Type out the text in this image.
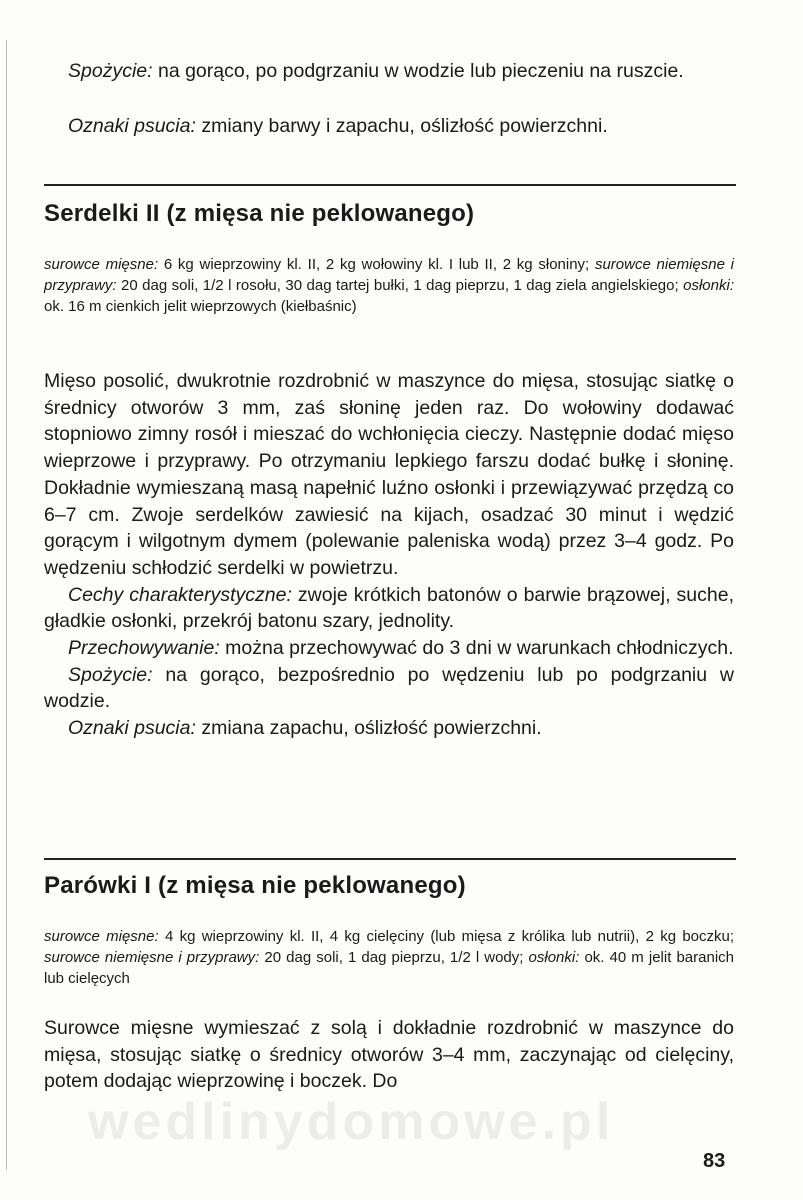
Spożycie: na gorąco, po podgrzaniu w wodzie lub pieczeniu na ruszcie.

Oznaki psucia: zmiany barwy i zapachu, oślizłość powierzchni.

Serdelki II (z mięsa nie peklowanego)

surowce mięsne: 6 kg wieprzowiny kl. II, 2 kg wołowiny kl. I lub II, 2 kg słoniny; surowce niemięsne i przyprawy: 20 dag soli, 1/2 l rosołu, 30 dag tartej bułki, 1 dag pieprzu, 1 dag ziela angielskiego; osłonki: ok. 16 m cienkich jelit wieprzowych (kiełbaśnic)

Mięso posolić, dwukrotnie rozdrobnić w maszynce do mięsa, stosując siatkę o średnicy otworów 3 mm, zaś słoninę jeden raz. Do wołowiny dodawać stopniowo zimny rosół i mieszać do wchłonięcia cieczy. Następnie dodać mięso wieprzowe i przyprawy. Po otrzymaniu lepkiego farszu dodać bułkę i słoninę. Dokładnie wymieszaną masą napełnić luźno osłonki i przewiązywać przędzą co 6–7 cm. Zwoje serdelków zawiesić na kijach, osadzać 30 minut i wędzić gorącym i wilgotnym dymem (polewanie paleniska wodą) przez 3–4 godz. Po wędzeniu schłodzić serdelki w powietrzu.

Cechy charakterystyczne: zwoje krótkich batonów o barwie brązowej, suche, gładkie osłonki, przekrój batonu szary, jednolity.

Przechowywanie: można przechowywać do 3 dni w warunkach chłodniczych.

Spożycie: na gorąco, bezpośrednio po wędzeniu lub po podgrzaniu w wodzie.

Oznaki psucia: zmiana zapachu, oślizłość powierzchni.

Parówki I (z mięsa nie peklowanego)

surowce mięsne: 4 kg wieprzowiny kl. II, 4 kg cielęciny (lub mięsa z królika lub nutrii), 2 kg boczku; surowce niemięsne i przyprawy: 20 dag soli, 1 dag pieprzu, 1/2 l wody; osłonki: ok. 40 m jelit baranich lub cielęcych

Surowce mięsne wymieszać z solą i dokładnie rozdrobnić w maszynce do mięsa, stosując siatkę o średnicy otworów 3–4 mm, zaczynając od cielęciny, potem dodając wieprzowinę i boczek. Do

wedlinydomowe.pl
83
